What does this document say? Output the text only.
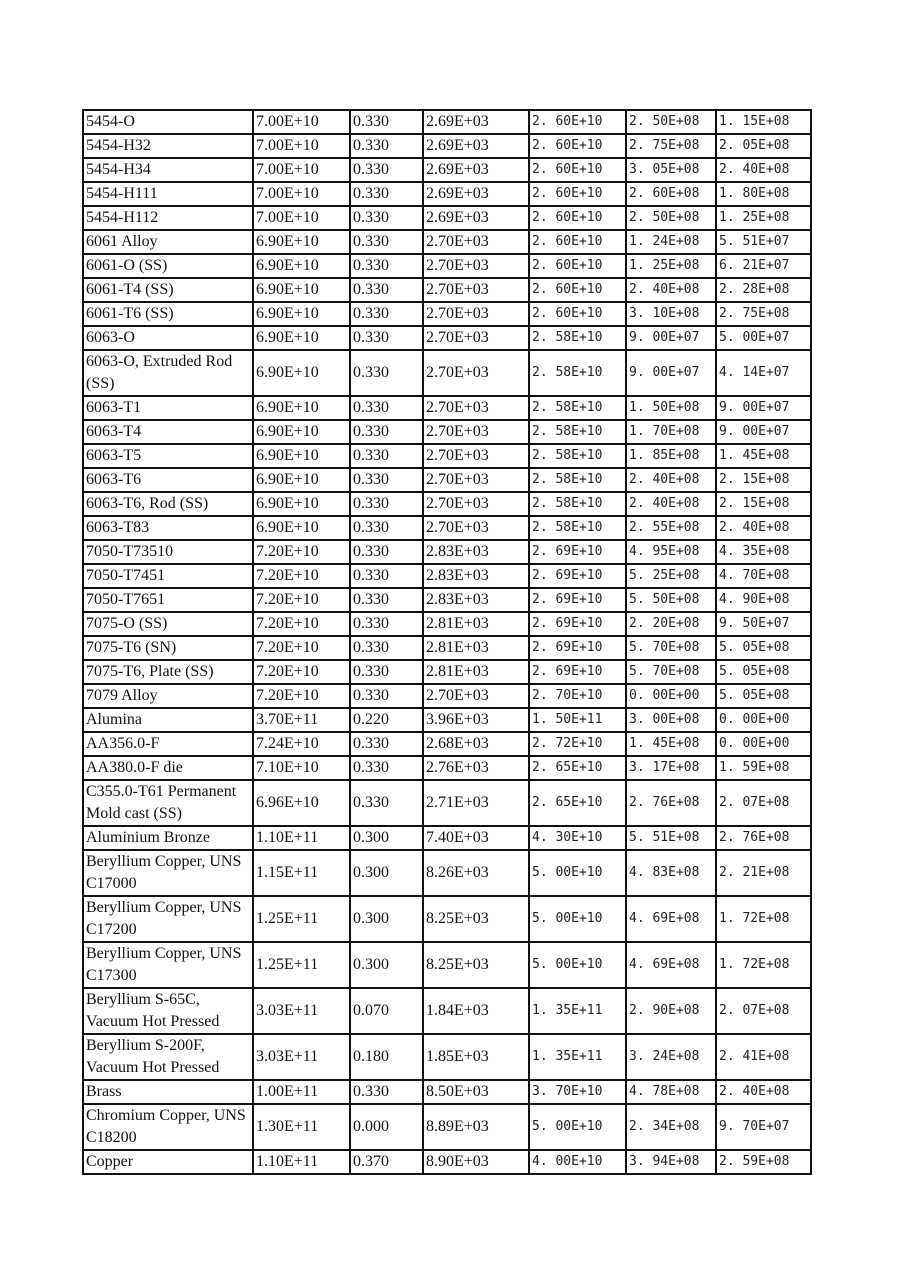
5454-O	7.00E+10	0.330	2.69E+03	2. 60E+10	2. 50E+08	1. 15E+08
5454-H32	7.00E+10	0.330	2.69E+03	2. 60E+10	2. 75E+08	2. 05E+08
5454-H34	7.00E+10	0.330	2.69E+03	2. 60E+10	3. 05E+08	2. 40E+08
5454-H111	7.00E+10	0.330	2.69E+03	2. 60E+10	2. 60E+08	1. 80E+08
5454-H112	7.00E+10	0.330	2.69E+03	2. 60E+10	2. 50E+08	1. 25E+08
6061 Alloy	6.90E+10	0.330	2.70E+03	2. 60E+10	1. 24E+08	5. 51E+07
6061-O (SS)	6.90E+10	0.330	2.70E+03	2. 60E+10	1. 25E+08	6. 21E+07
6061-T4 (SS)	6.90E+10	0.330	2.70E+03	2. 60E+10	2. 40E+08	2. 28E+08
6061-T6 (SS)	6.90E+10	0.330	2.70E+03	2. 60E+10	3. 10E+08	2. 75E+08
6063-O	6.90E+10	0.330	2.70E+03	2. 58E+10	9. 00E+07	5. 00E+07
6063-O, Extruded Rod (SS)	6.90E+10	0.330	2.70E+03	2. 58E+10	9. 00E+07	4. 14E+07
6063-T1	6.90E+10	0.330	2.70E+03	2. 58E+10	1. 50E+08	9. 00E+07
6063-T4	6.90E+10	0.330	2.70E+03	2. 58E+10	1. 70E+08	9. 00E+07
6063-T5	6.90E+10	0.330	2.70E+03	2. 58E+10	1. 85E+08	1. 45E+08
6063-T6	6.90E+10	0.330	2.70E+03	2. 58E+10	2. 40E+08	2. 15E+08
6063-T6, Rod (SS)	6.90E+10	0.330	2.70E+03	2. 58E+10	2. 40E+08	2. 15E+08
6063-T83	6.90E+10	0.330	2.70E+03	2. 58E+10	2. 55E+08	2. 40E+08
7050-T73510	7.20E+10	0.330	2.83E+03	2. 69E+10	4. 95E+08	4. 35E+08
7050-T7451	7.20E+10	0.330	2.83E+03	2. 69E+10	5. 25E+08	4. 70E+08
7050-T7651	7.20E+10	0.330	2.83E+03	2. 69E+10	5. 50E+08	4. 90E+08
7075-O (SS)	7.20E+10	0.330	2.81E+03	2. 69E+10	2. 20E+08	9. 50E+07
7075-T6 (SN)	7.20E+10	0.330	2.81E+03	2. 69E+10	5. 70E+08	5. 05E+08
7075-T6, Plate (SS)	7.20E+10	0.330	2.81E+03	2. 69E+10	5. 70E+08	5. 05E+08
7079 Alloy	7.20E+10	0.330	2.70E+03	2. 70E+10	0. 00E+00	5. 05E+08
Alumina	3.70E+11	0.220	3.96E+03	1. 50E+11	3. 00E+08	0. 00E+00
AA356.0-F	7.24E+10	0.330	2.68E+03	2. 72E+10	1. 45E+08	0. 00E+00
AA380.0-F die	7.10E+10	0.330	2.76E+03	2. 65E+10	3. 17E+08	1. 59E+08
C355.0-T61 Permanent Mold cast (SS)	6.96E+10	0.330	2.71E+03	2. 65E+10	2. 76E+08	2. 07E+08
Aluminium Bronze	1.10E+11	0.300	7.40E+03	4. 30E+10	5. 51E+08	2. 76E+08
Beryllium Copper, UNS C17000	1.15E+11	0.300	8.26E+03	5. 00E+10	4. 83E+08	2. 21E+08
Beryllium Copper, UNS C17200	1.25E+11	0.300	8.25E+03	5. 00E+10	4. 69E+08	1. 72E+08
Beryllium Copper, UNS C17300	1.25E+11	0.300	8.25E+03	5. 00E+10	4. 69E+08	1. 72E+08
Beryllium S-65C, Vacuum Hot Pressed	3.03E+11	0.070	1.84E+03	1. 35E+11	2. 90E+08	2. 07E+08
Beryllium S-200F, Vacuum Hot Pressed	3.03E+11	0.180	1.85E+03	1. 35E+11	3. 24E+08	2. 41E+08
Brass	1.00E+11	0.330	8.50E+03	3. 70E+10	4. 78E+08	2. 40E+08
Chromium Copper, UNS C18200	1.30E+11	0.000	8.89E+03	5. 00E+10	2. 34E+08	9. 70E+07
Copper	1.10E+11	0.370	8.90E+03	4. 00E+10	3. 94E+08	2. 59E+08
